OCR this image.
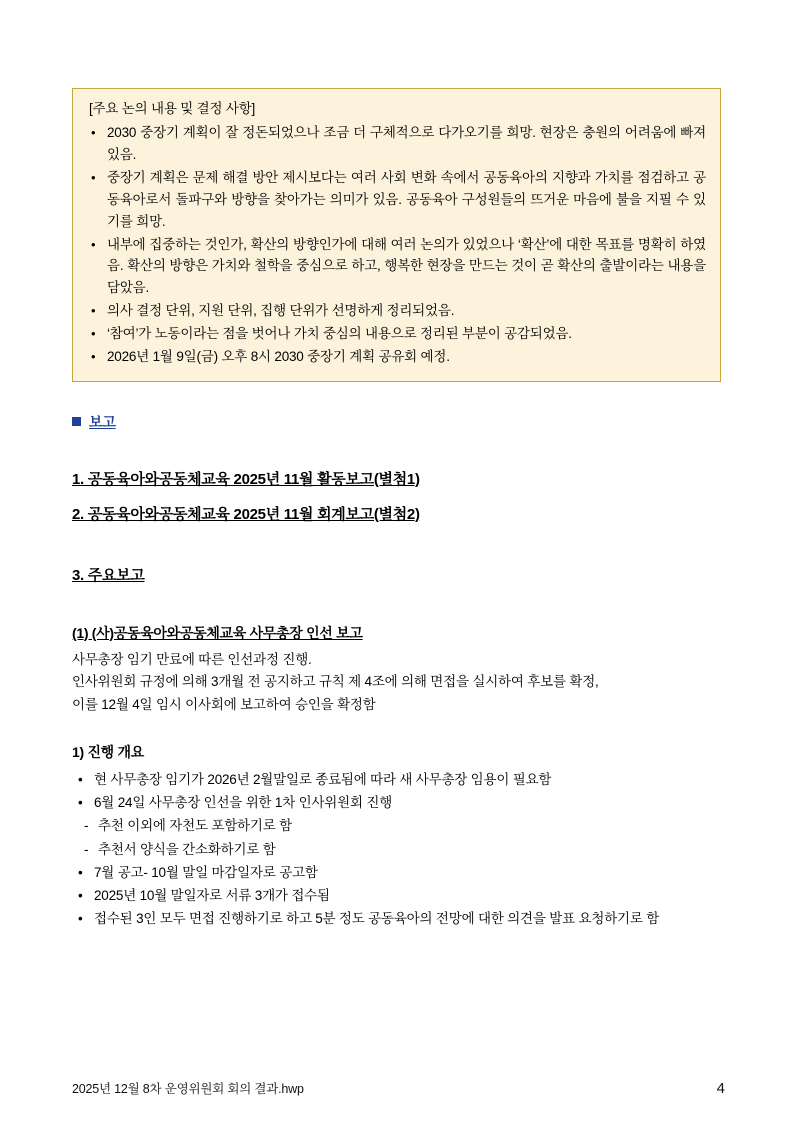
[주요 논의 내용 및 결정 사항]
• 2030 중장기 계획이 잘 정돈되었으나 조금 더 구체적으로 다가오기를 희망. 현장은 충원의 어려움에 빠져 있음.
• 중장기 계획은 문제 해결 방안 제시보다는 여러 사회 변화 속에서 공동육아의 지향과 가치를 점검하고 공동육아로서 돌파구와 방향을 찾아가는 의미가 있음. 공동육아 구성원들의 뜨거운 마음에 불을 지필 수 있기를 희망.
• 내부에 집중하는 것인가, 확산의 방향인가에 대해 여러 논의가 있었으나 ‘확산’에 대한 목표를 명확히 하였음. 확산의 방향은 가치와 철학을 중심으로 하고, 행복한 현장을 만드는 것이 곧 확산의 출발이라는 내용을 담았음.
• 의사 결정 단위, 지원 단위, 집행 단위가 선명하게 정리되었음.
• ‘참여’가 노동이라는 점을 벗어나 가치 중심의 내용으로 정리된 부분이 공감되었음.
• 2026년 1월 9일(금) 오후 8시 2030 중장기 계획 공유회 예정.
보고
1. 공동육아와공동체교육 2025년 11월 활동보고(별첨1)
2. 공동육아와공동체교육 2025년 11월 회계보고(별첨2)
3. 주요보고
(1) (사)공동육아와공동체교육 사무총장 인선 보고
사무총장 임기 만료에 따른 인선과정 진행.
인사위원회 규정에 의해 3개월 전 공지하고 규칙 제 4조에 의해 면접을 실시하여 후보를 확정,
이를 12월 4일 임시 이사회에 보고하여 승인을 확정함
1) 진행 개요
• 현 사무총장 임기가 2026년 2월말일로 종료됨에 따라 새 사무총장 임용이 필요함
• 6월 24일 사무총장 인선을 위한 1차 인사위원회 진행
- 추천 이외에 자천도 포함하기로 함
- 추천서 양식을 간소화하기로 함
• 7월 공고- 10월 말일 마감일자로 공고함
• 2025년 10월 말일자로 서류 3개가 접수됨
• 접수된 3인 모두 면접 진행하기로 하고 5분 정도 공동육아의 전망에 대한 의견을 발표 요청하기로 함
2025년 12월 8차 운영위원회 회의 결과.hwp	4
